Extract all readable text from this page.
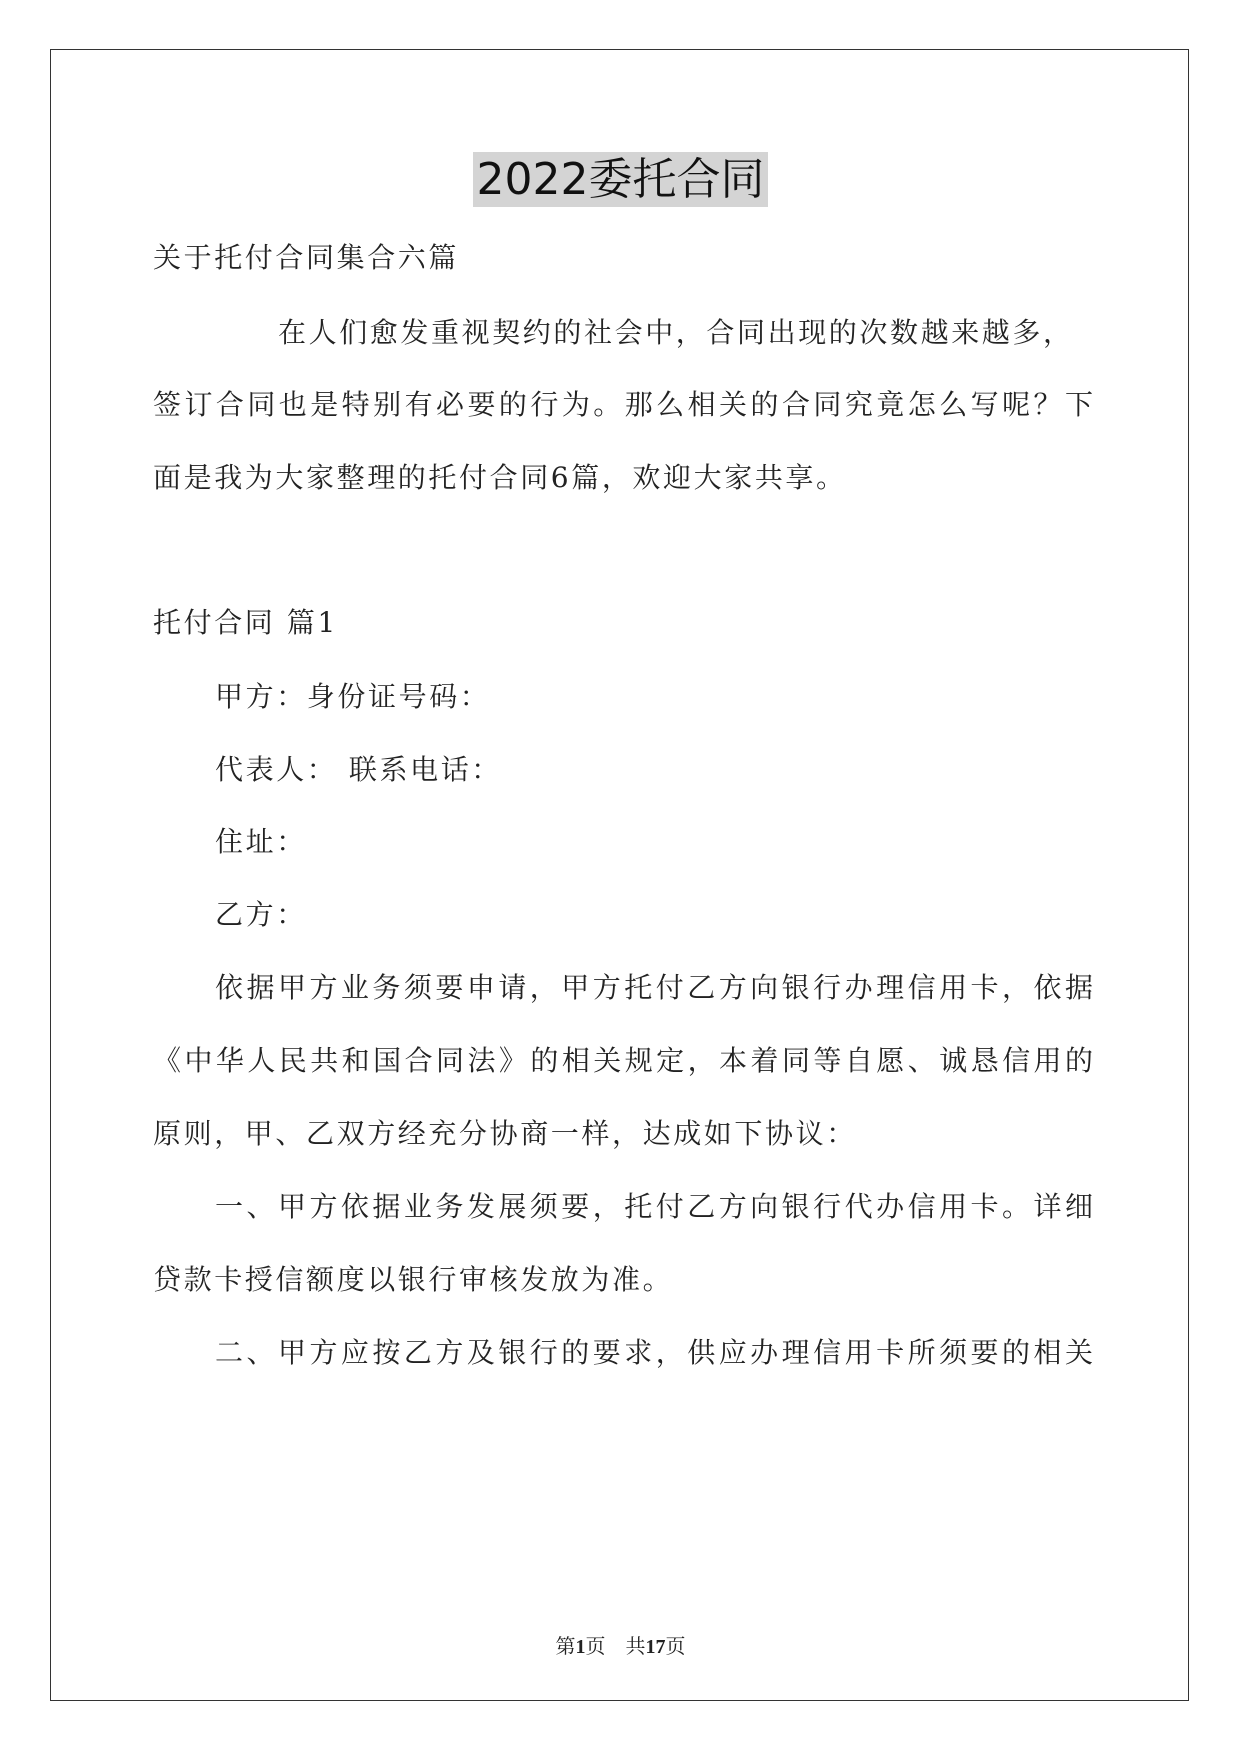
2022委托合同
关于托付合同集合六篇
在人们愈发重视契约的社会中，合同出现的次数越来越多，
签订合同也是特别有必要的行为。那么相关的合同究竟怎么写呢？下
面是我为大家整理的托付合同6篇，欢迎大家共享。
托付合同 篇1
甲方：身份证号码：
代表人： 联系电话：
住址：
乙方：
依据甲方业务须要申请，甲方托付乙方向银行办理信用卡，依据
《中华人民共和国合同法》的相关规定，本着同等自愿、诚恳信用的
原则，甲、乙双方经充分协商一样，达成如下协议：
一、甲方依据业务发展须要，托付乙方向银行代办信用卡。详细
贷款卡授信额度以银行审核发放为准。
二、甲方应按乙方及银行的要求，供应办理信用卡所须要的相关
第1页    共17页
